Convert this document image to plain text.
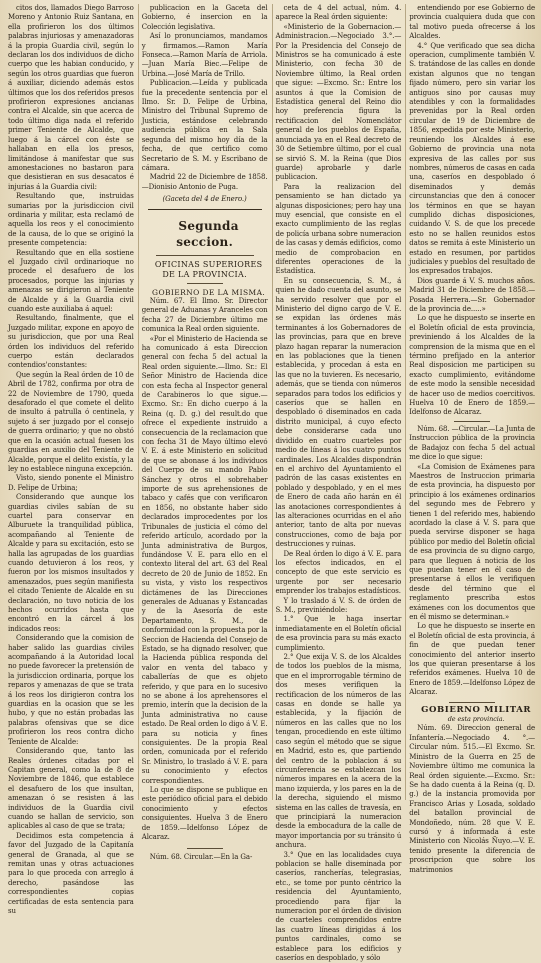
citos dos, llamados Diego Barroso Moreno y Antonio Ruiz Santana, en ella profirieron los dos últimos palabras injuriosas y amenazadoras á la propia Guardia civil, según lo declaran los dos individuos de dicho cuerpo que les habian conducido, y según los otros guardias que fueron á auxiliar, diciendo además estos últimos que los dos referidos presos profirieron expresiones ancianas contra el Alcalde, sin que acerca de todo último diga nada el referido primer Teniente de Alcalde, que luego á la cárcel con éste se hallaban en ella los presos, limitándose á manifestar que sus amonestaciones no bastaron para que desistieran en sus desacatos é injurias á la Guardia civil:

Resultando que, instruidas sumarias por la jurisdiccion civil ordinaria y militar, esta reclamó de aquella los reos y el conocimiento de la causa, de lo que se originó la presente competencia:

Resultando que en ella sostiene el Juzgado civil ordinarioque no procede el desafuero de los procesados, porque las injurias y amenazas se dirigieron al Teniente de Alcalde y á la Guardia civil cuando este auxiliaba á aquel:

Resultando, finalmente, que el Juzgado militar, expone en apoyo de su jurisdiccion, que por una Real órden los individuos del referido cuerpo están declarados contendios'constantes:

Que según la Real órden de 10 de Abril de 1782, confirma por otra de 22 de Noviembre de 1790, queda desaforado el que comete el delito de insulto á patrulla ó centinela, y sujeto á ser juzgado por el consejo de guerra ordinario; y que no obstó que en la ocasión actual fuesen los guardias en auxilio del Teniente de Alcalde, porque el delito existía, y la ley no establece ninguna excepción.

Visto, siendo ponente el Ministro D. Felipe de Urbina;

Considerando que aunque los guardias civiles sabían de su cuartel para conservar en Alburuete la tranquilidad pública, acompañando al Teniente de Alcalde y para su excitación, esto se halla las agrupadas de los guardias cuando detuvieron á los reos, y fueron por los mismos insultados y amenazados, pues según manifiesta el citado Teniente de Alcalde en su declaración, no tuvo noticia de los hechos ocurridos hasta que encontró en la cárcel á los indicados reos:

Considerando que la comision de haber salido las guardias civiles acompañando á la Autoridad local no puede favorecer la pretensión de la jurisdiccion ordinaria, porque los reparos y amenazas de que se trata á los reos los dirigieron contra los guardias en la ocasion que se les hubo, y que no están probadas las palabras ofensivas que se dice profirieron los reos contra dicho Teniente de Alcalde:

Considerando que, tanto las Reales órdenes citadas por el Capitan general, como la de 8 de Noviembre de 1846, que establece el desafuero de los que insultan, amenazan ó se resisten á las individuos de la Guardia civil cuando se hallan de servicio, son aplicables al caso de que se trata;

Decidimos esta competencia á favor del Juzgado de la Capitanía general de Granada, al que se remitan unas y otras actuaciones para lo que proceda con arreglo á derecho, pasándose las correspondientes copias certificadas de esta sentencia para su

publicacion en la Gaceta del Gobierno, é insercion en la Colección legislativa.

Así lo pronunciamos, mandamos y firmamos.—Ramon María Fonseca.—Ramon María de Arriola.—Juan María Biec.—Felipe de Urbina.—José María de Trillo.

Publicacion.—Leída y publicada fue la precedente sentencia por el Ilmo. Sr. D. Felipe de Urbina, Ministro del Tribunal Supremo de Justicia, estándose celebrando audiencia pública en la Sala segunda del mismo hoy día de la fecha, de que certifico como Secretario de S. M. y Escribano de cámara.

Madrid 22 de Diciembre de 1858. —Dionisio Antonio de Puga.

(Gaceta del 4 de Enero.)

Segunda seccion.

OFICINAS SUPERIORES DE LA PROVINCIA.

GOBIERNO DE LA MISMA.

Núm. 67. El Ilmo. Sr. Director general de Aduanas y Aranceles con fecha 27 de Diciembre último me comunica la Real orden siguiente.

«Por el Ministerio de Hacienda se ha comunicado á esta Direccion general con fecha 5 del actual la Real orden siguiente.—Ilmo. Sr.: El Señor Ministro de Hacienda dice con esta fecha al Inspector general de Carabineros lo que sigue.—Excmo. Sr.: En dicho cuerpo á la Reina (q. D. g.) del result.do que ofrece el expediente instruido a consecuencia de la reclamacion que con fecha 31 de Mayo último elevó V. E. á este Ministerio en solicitud de que se abonase á los individuos del Cuerpo de su mando Pablo Sánchez y otros el sobrehaber importe de sus aprehensiones de tabaco y cafés que con verificaron en 1856, no obstante haber sido declarados improcedentes por los Tribunales de justicia el cómo del referido artículo, acordado por la Junta administrativa de Burgos, fundándose V. E. para ello en el contexto literal del art. 63 del Real decreto de 20 de Junio de 1852. En su vista, y visto los respectivos dictámenes de las Direcciones generales de Aduanas y Estancadas y de la Asesoría de este Departamento, S. M., de conformidad con la propuesta por la Seccion de Hacienda del Consejo de Estado, se ha dignado resolver, que la Hacienda pública responda del valor en venta del tabaco y caballerías de que es objeto referido, y que para en lo sucesivo no se abone á los aprehensores el premio, interín que la decision de la Junta administrativa no cause estado. De Real orden lo digo á V. E. para su noticia y fines consiguientes. De la propia Real orden, comunicada por el referido Sr. Ministro, lo traslado á V. E. para su conocimiento y efectos correspondientes.

Lo que se dispone se publique en este periódico oficial para el debido conocimiento y efectos consiguientes. Huelva 3 de Enero de 1859.—Idelfonso López de Alcaraz.

Núm. 68. Circular.—En la Ga-

ceta de 4 del actual, núm. 4. aparece la Real órden siguiente:

«Ministerio de la Gobernacion.— Administracion.—Negociado 3.°.—Por la Presidencia del Consejo de Ministros se ha comunicado á este Ministerio, con fecha 30 de Noviembre último, la Real orden que sigue: —Excmo. Sr.: Entre los asuntos á que la Comision de Estadística general del Reino dio hoy preferencia figura la rectificacion del Nomenclátor general de los pueblos de España, anunciada ya en el Real decreto de 30 de Setiembre último, por el cual se sirvió S. M. la Reina (que Dios guarde) aprobarle y darle publicacion.

Para la realizacion del pensamiento se han dictado ya algunas disposiciones; pero hay una muy esencial, que consiste en el exacto cumplimiento de las reglas de policía urbana sobre numeracion de las casas y demás edificios, como medio de comprobacion en diferentes operaciones de la Estadística.

En su consecuencia, S. M., á quien he dado cuenta del asunto, se ha servido resolver que por el Ministerio del digno cargo de V. E. se expidan las órdenes más terminantes á los Gobernadores de las provincias, para que en breve plazo hagan reparar la numeracion en las poblaciones que la tienen establecida, y procedan á esta en las que no la tuvieren. Es necesario, además, que se tienda con números separados para todos los edificios y caseríos que se hallen en despoblado ó diseminados en cada distrito municipal, á cuyo efecto debe considerarse cada uno dividido en cuatro cuarteles por medio de líneas á los cuatro puntos cardinales. Los Alcaldes dispondrán en el archivo del Ayuntamiento el padrón de las casas existentes en poblado y despoblado, y en el mes de Enero de cada año harán en él las anotaciones correspondientes á las alteraciones ocurridas en el año anterior, tanto de alta por nuevas construcciones, como de baja por destrucciones y ruinas.

De Real órden lo digo á V. E. para los efectos indicados, en el concepto de que este servicio es urgente por ser necesario emprender los trabajos estadísticos.

Y lo traslado á V. S. de órden de S. M., previniéndole:

1.° Que le haga insertar inmediatamente en el Boletín oficial de esa provincia para su más exacto cumplimiento.

2.° Que exija V. S. de los Alcaldes de todos los pueblos de la misma, que en el improrrogable término de dos meses verifiquen la rectificacion de los números de las casas en donde se halle ya establecida, y la fijación de números en las calles que no los tengan, procediendo en este último caso según el método que se sigue en Madrid, esto es, que partiendo del centro de la poblacion á su circunferencia se establezcan los números impares en la acera de la mano izquierda, y los pares en la de la derecha, siguiendo el mismo sistema en las calles de travesía, en que principiará la numeracion desde la embocadura de la calle de mayor importancia por su tránsito ú anchura.

3.° Que en las localidades cuya poblacion se halle diseminada por caseríos, rancherías, telegrasias, etc., se tome por punto céntrico la residencia del Ayuntamiento, procediendo para fijar la numeracion por el órden de division de cuarteles comprendidos entre las cuatro líneas dirigidas á los puntos cardinales, como se establece para los edificios y caseríos en despoblado, y sólo

entendiendo por ese Gobierno de provincia cualquiera duda que con tal motivo pueda ofrecerse á los Alcaldes.

4.° Que verificado que sea dicha operacion, cumplimente también V. S. tratándose de las calles en donde existan algunos que no tengan fijado número, pero sin variar los antiguos sino por causas muy atendibles y con la formalidades prevenidas por la Real orden circular de 19 de Diciembre de 1856, expedida por este Ministerio, reuniendo los Alcaldes á ese Gobierno de provincia una nota expresiva de las calles por sus nombres, números de casas en cada una, caseríos en despoblado ó diseminados y demás circunstancias que den á conocer los términos en que se hayan cumplido dichas disposiciones, cuidando V. S. de que los precede esto no se hallen reunidos estos datos se remita á este Ministerio un estado en resumen, por partidos judiciales y pueblos del resultado de los expresados trabajos.

Dios guarde á V. S. muchos años. Madrid 31 de Diciembre de 1858.—Posada Herrera.—Sr. Gobernador de la provincia de.....»

Lo que he dispuesto se inserte en el Boletín oficial de esta provincia, previniendo á los Alcaldes de la comprension de la misma que en el término prefijado en la anterior Real disposicion me participen su exacto cumplimiento, evitándome de este modo la sensible necesidad de hacer uso de medios coercitivos. Huelva 10 de Enero de 1859.—Idelfonso de Alcaraz.

Núm. 68. —Circular.—La Junta de Instruccion pública de la provincia de Badajoz con fecha 5 del actual me dice lo que sigue:

«La Comision de Exámenes para Maestros de Instruccion primaria de esta provincia, ha dispuesto por principio á los exámenes ordinarios del segundo mes de Febrero y tienen 1 del referido mes, habiendo acordado la clase á V. S. para que pueda servirse disponer se haga público por medio del Boletín oficial de esa provincia de su digno cargo, para que lleguen á noticia de los que puedan tener en él caso de presentarse á ellos le verifiquen desde del término que el reglamento prescriba estos exámenes con los documentos que en él mismo se determinan.»

Lo que he dispuesto se inserte en el Boletín oficial de esta provincia, á fin de que puedan tener conocimiento del anterior inserto los que quieran presentarse á los referidos exámenes. Huelva 10 de Enero de 1859.—Idelfonso López de Alcaraz.

GOBIERNO MILITAR

de esta provincia.

Núm. 69. Direccion general de Infantería.—Negociado 4. °.—Circular núm. 515.—El Excmo. Sr. Ministro de la Guerra en 25 de Noviembre último me comunica la Real órden siguiente.—Excmo. Sr.: Se ha dado cuenta á la Reina (q. D. g.) de la instancia promovida por Francisco Arias y Losada, soldado del batallon provincial de Mondoñedo, núm. 28 que V. E. cursó y á informada á este Ministerio con Nicolás Ñuyo.—V. E. tenido presente la diferencia de proscripcion que sobre los matrimonios
